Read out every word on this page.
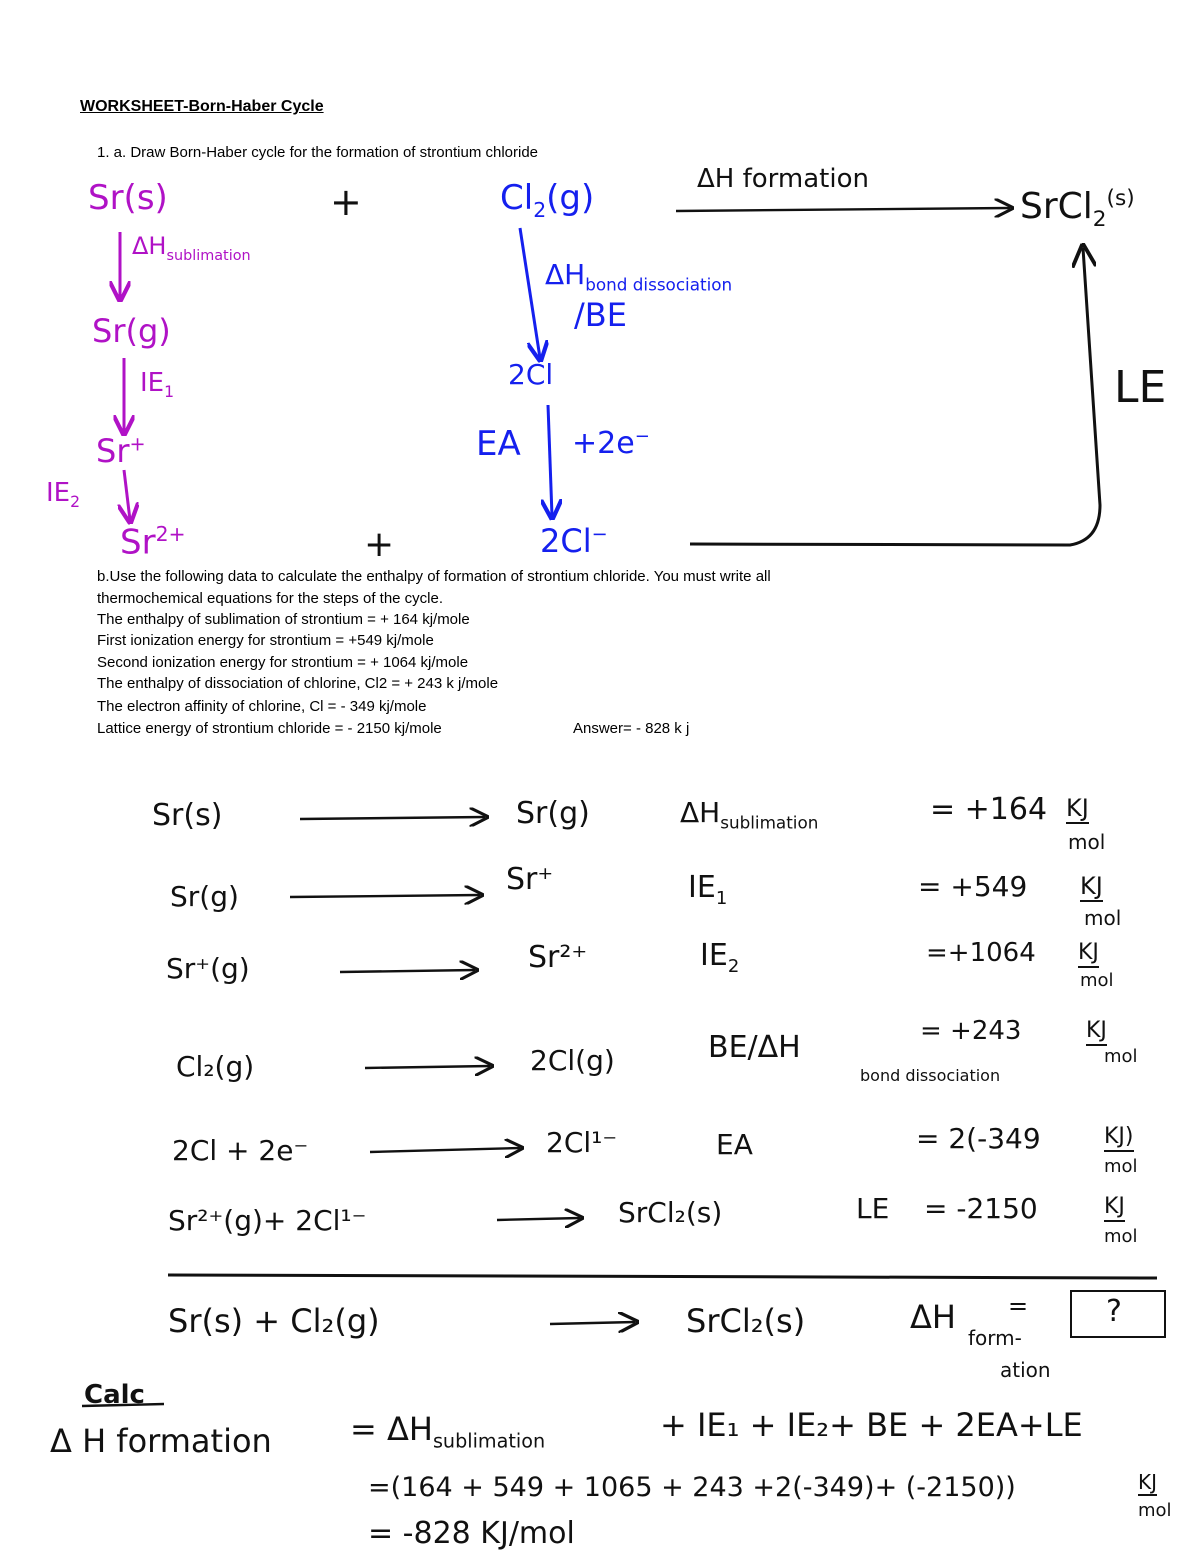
WORKSHEET-Born-Haber Cycle
1. a. Draw Born-Haber cycle for the formation of strontium chloride
b.Use the following data to calculate the enthalpy of formation of strontium chloride. You must write all
thermochemical equations for the steps of the cycle.
The enthalpy of sublimation of strontium = + 164 kj/mole
First ionization energy for strontium = +549 kj/mole
Second ionization energy for strontium = + 1064 kj/mole
The enthalpy of dissociation of chlorine, Cl2 = + 243 k j/mole
The electron affinity of chlorine, Cl = - 349 kj/mole
Lattice energy of strontium chloride = - 2150 kj/mole	Answer= - 828 k j
Sr(s)	+	$Cl_2(g)$	ΔH formation
SrCl$_2^{(s)}$
$\Delta H_{sublimation}$
Sr(g)
$IE_1$
Sr+
$IE_2$
$Sr^{2+}$	+
$\Delta H_{bond dissociation}$
/BE
2Cl
EA +2e−
2Cl−
LE
Sr(s)	Sr(g)	$\Delta H_{sublimation}$	= +164 KJ
mol
Sr(g)	Sr⁺	$IE_1$	= +549 KJ
mol
Sr⁺(g)	Sr²⁺	$IE_2$	=+1064 KJ
mol
Cl₂(g)	2Cl(g)	BE/ΔH
bond dissociation
= +243	KJ
mol
2Cl + 2e⁻	2Cl¹⁻	EA	= 2(-349	KJ)
mol
Sr²⁺(g)+ 2Cl¹⁻	SrCl₂(s)	LE = -2150	KJ
mol
Sr(s) + Cl₂(g)	SrCl₂(s)	ΔH =
form-
ation
?
Calc
Δ H formation = $\Delta H_{sublimation}$	+ IE₁ + IE₂+ BE + 2EA+LE
=(164 + 549 + 1065 + 243 +2(-349)+ (-2150))	KJ
mol
= -828 KJ/mol
